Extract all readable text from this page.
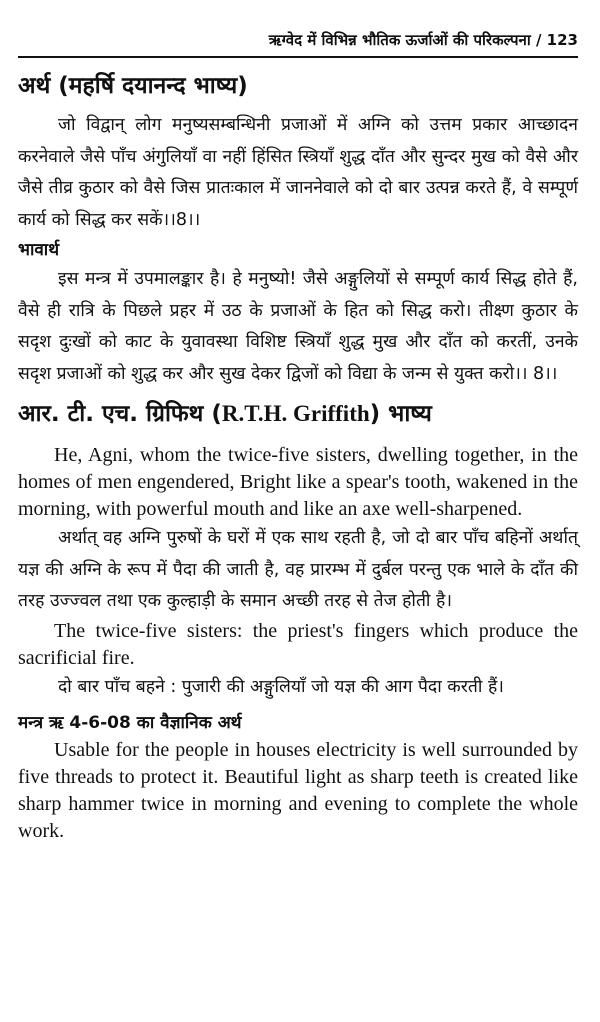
ऋग्वेद में विभिन्न भौतिक ऊर्जाओं की परिकल्पना / 123
अर्थ (महर्षि दयानन्द भाष्य)

जो विद्वान् लोग मनुष्यसम्बन्धिनी प्रजाओं में अग्नि को उत्तम प्रकार आच्छादन करनेवाले जैसे पाँच अंगुलियाँ वा नहीं हिंसित स्त्रियाँ शुद्ध दाँत और सुन्दर मुख को वैसे और जैसे तीव्र कुठार को वैसे जिस प्रातःकाल में जाननेवाले को दो बार उत्पन्न करते हैं, वे सम्पूर्ण कार्य को सिद्ध कर सकें।।8।।

भावार्थ

इस मन्त्र में उपमालङ्कार है। हे मनुष्यो! जैसे अङ्गुलियों से सम्पूर्ण कार्य सिद्ध होते हैं, वैसे ही रात्रि के पिछले प्रहर में उठ के प्रजाओं के हित को सिद्ध करो। तीक्ष्ण कुठार के सदृश दुःखों को काट के युवावस्था विशिष्ट स्त्रियाँ शुद्ध मुख और दाँत को करतीं, उनके सदृश प्रजाओं को शुद्ध कर और सुख देकर द्विजों को विद्या के जन्म से युक्त करो।। 8।।

आर. टी. एच. ग्रिफिथ (R.T.H. Griffith) भाष्य

He, Agni, whom the twice-five sisters, dwelling together, in the homes of men engendered, Bright like a spear's tooth, wakened in the morning, with powerful mouth and like an axe well-sharpened.

अर्थात् वह अग्नि पुरुषों के घरों में एक साथ रहती है, जो दो बार पाँच बहिनों अर्थात् यज्ञ की अग्नि के रूप में पैदा की जाती है, वह प्रारम्भ में दुर्बल परन्तु एक भाले के दाँत की तरह उज्ज्वल तथा एक कुल्हाड़ी के समान अच्छी तरह से तेज होती है।

The twice-five sisters: the priest's fingers which produce the sacrificial fire.

दो बार पाँच बहने : पुजारी की अङ्गुलियाँ जो यज्ञ की आग पैदा करती हैं।

मन्त्र ऋ 4-6-08 का वैज्ञानिक अर्थ

Usable for the people in houses electricity is well surrounded by five threads to protect it. Beautiful light as sharp teeth is created like sharp hammer twice in morning and evening to complete the whole work.
